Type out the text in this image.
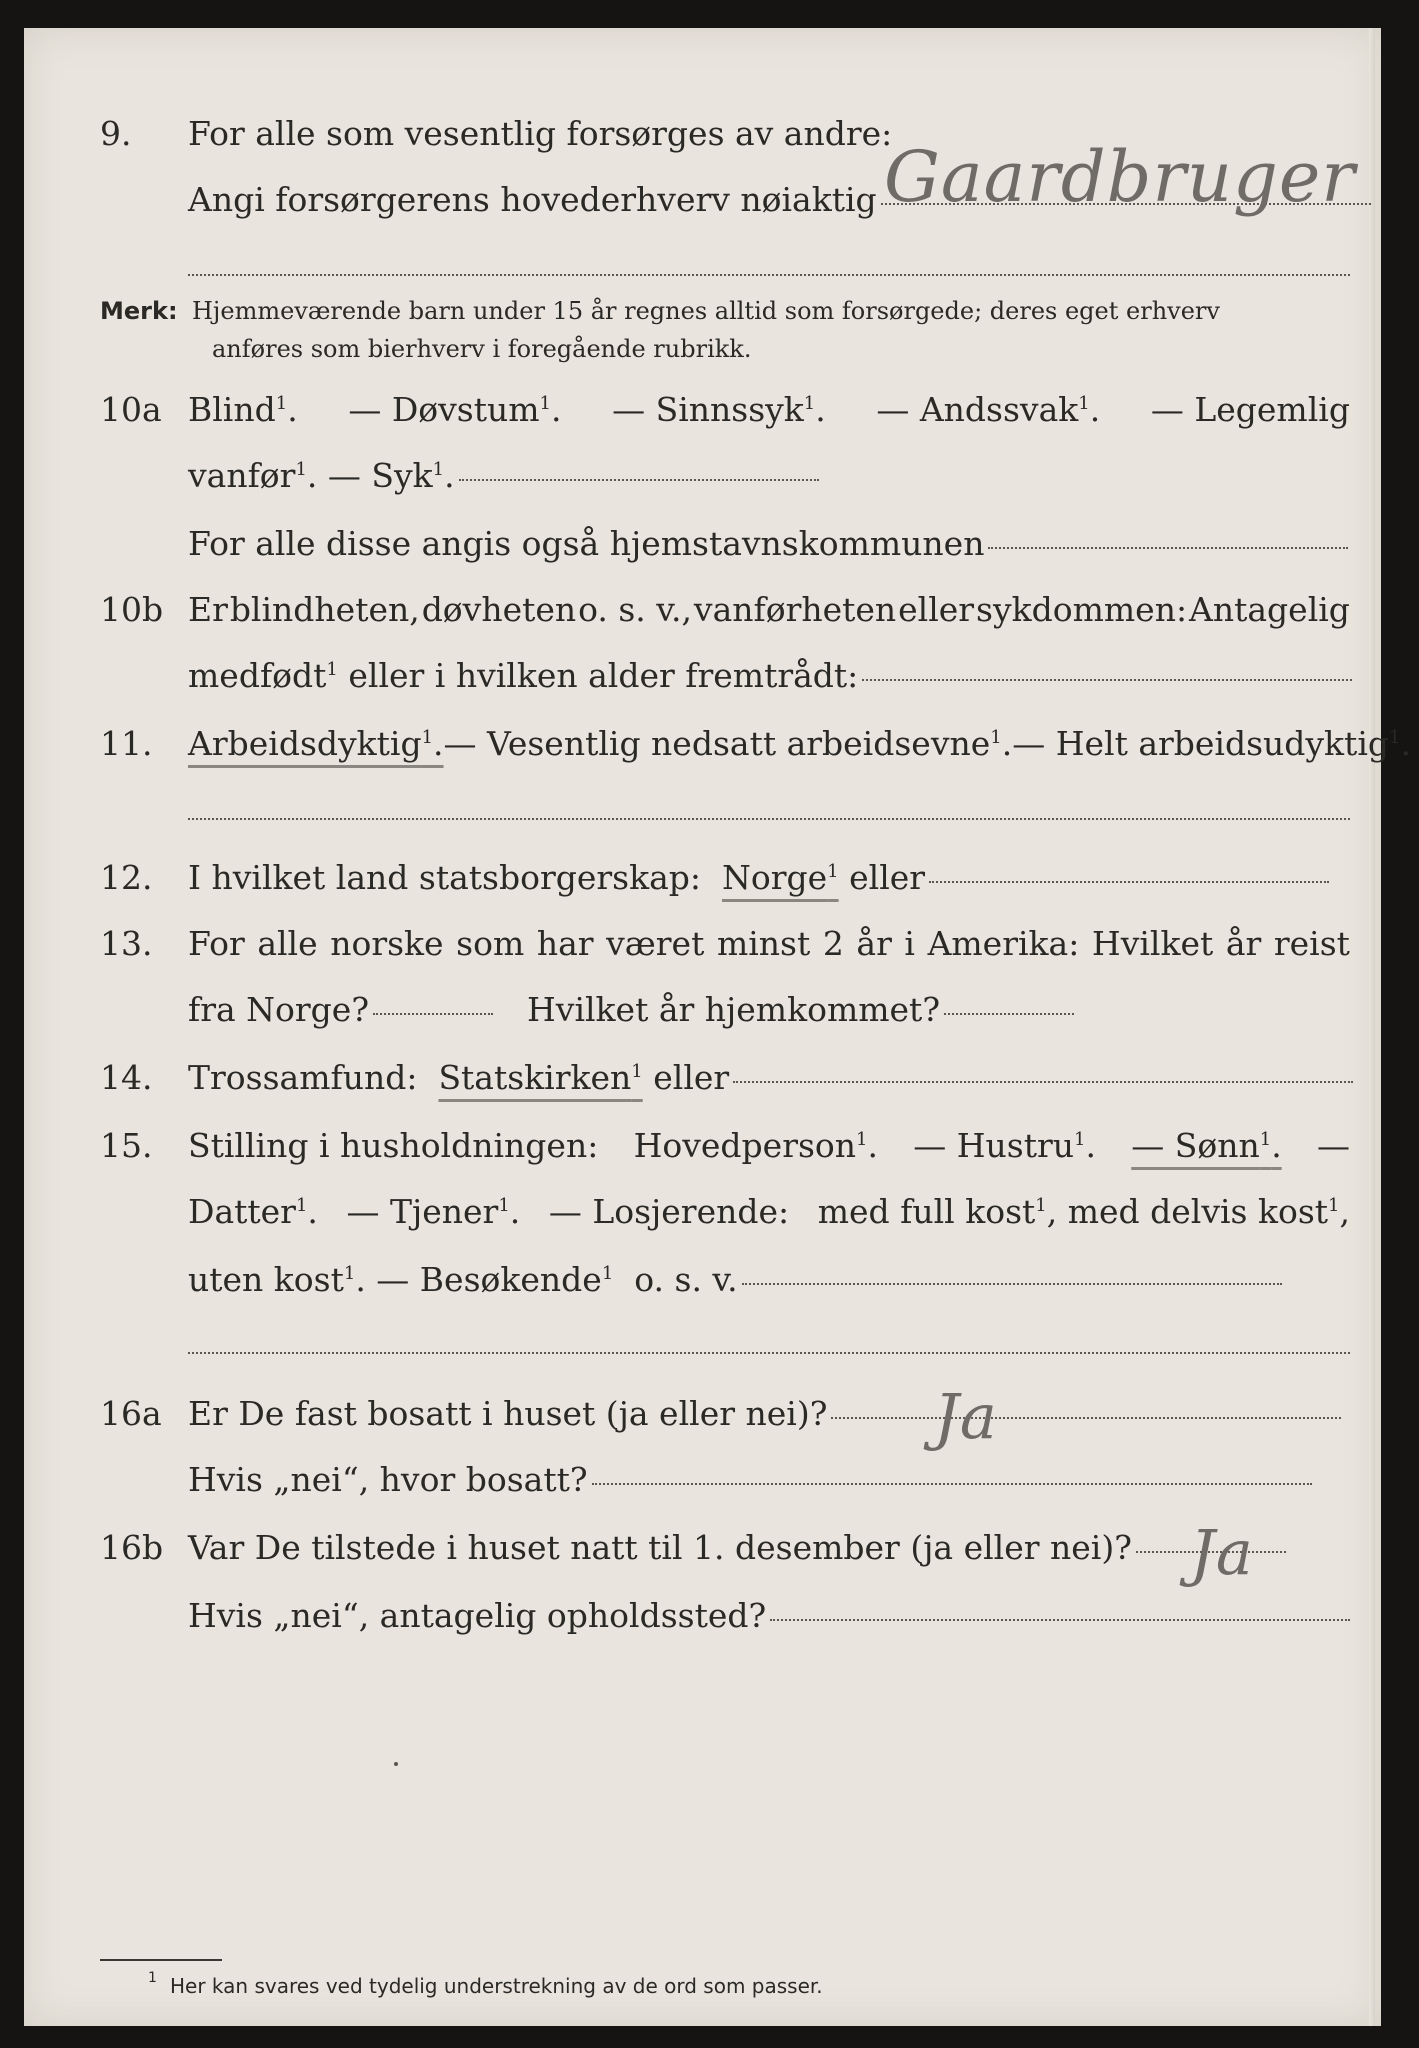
9. For alle som vesentlig forsørges av andre:
Angi forsørgerens hovederhverv nøiaktig Gaardbruger
Merk: Hjemmeværende barn under 15 år regnes alltid som forsørgede; deres eget erhverv
anføres som bierhverv i foregående rubrikk.
10a Blind$^1$. — Døvstum$^1$. — Sinnssyk$^1$. — Andssvak$^1$. — Legemlig
vanfør$^1$. — Syk$^1$.
For alle disse angis også hjemstavnskommunen
10b Er blindheten, døvheten o. s. v., vanførheten eller sykdommen: Antagelig
medfødt$^1$ eller i hvilken alder fremtrådt:
11. Arbeidsdyktig$^1$. — Vesentlig nedsatt arbeidsevne$^1$. — Helt arbeidsudyktig$^1$.
12. I hvilket land statsborgerskap:
Norge$^1$
eller
13. For alle norske som har været minst 2 år i Amerika: Hvilket år reist
fra Norge?	Hvilket år hjemkommet?
14. Trossamfund:
Statskirken$^1$
eller
15. Stilling i husholdningen: Hovedperson$^1$. — Hustru$^1$. — Sønn$^1$. —
Datter$^1$. — Tjener$^1$. — Losjerende: med full kost$^1$, med delvis kost$^1$,
uten kost$^1$. — Besøkende$^1$ o. s. v.
16a Er De fast bosatt i huset (ja eller nei)? Ja
Hvis „nei“, hvor bosatt?
16b Var De tilstede i huset natt til 1. desember (ja eller nei)? Ja
Hvis „nei“, antagelig opholdssted?
1 Her kan svares ved tydelig understrekning av de ord som passer.
